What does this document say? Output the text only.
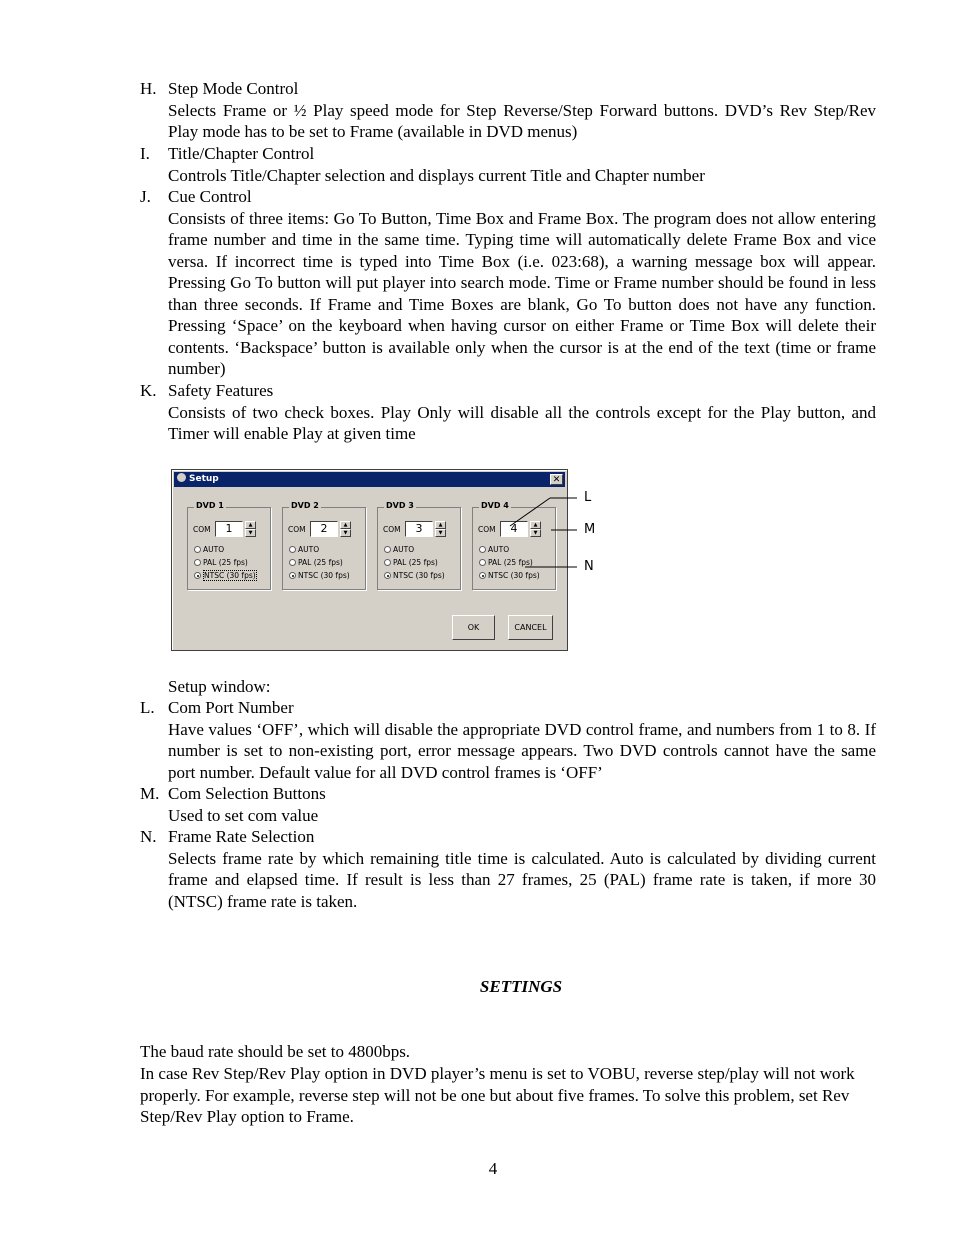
H. Step Mode Control
Selects Frame or ½ Play speed mode for Step Reverse/Step Forward buttons. DVD’s Rev Step/Rev Play mode has to be set to Frame (available in DVD menus)
I.	Title/Chapter Control
Controls Title/Chapter selection and displays current Title and Chapter number
J.	Cue Control
Consists of three items: Go To Button, Time Box and Frame Box. The program does not allow entering frame number and time in the same time. Typing time will automatically delete Frame Box and vice versa. If incorrect time is typed into Time Box (i.e. 023:68), a warning message box will appear. Pressing Go To button will put player into search mode. Time or Frame number should be found in less than three seconds. If Frame and Time Boxes are blank, Go To button does not have any function. Pressing ‘Space’ on the keyboard when having cursor on either Frame or Time Box will delete their contents. ‘Backspace’ button is available only when the cursor is at the end of the text (time or frame number)
K. Safety Features
Consists of two check boxes. Play Only will disable all the controls except for the Play button, and Timer will enable Play at given time
Setup	✕
DVD 1
COM	1	▲
▼
AUTO
PAL (25 fps)
NTSC (30 fps)
DVD 2
COM	2	▲
▼
AUTO
PAL (25 fps)
NTSC (30 fps)
DVD 3
COM	3	▲
▼
AUTO
PAL (25 fps)
NTSC (30 fps)
DVD 4
COM	4	▲
▼
AUTO
PAL (25 fps)
NTSC (30 fps)
OK	CANCEL
L
M
N
Setup window:
L. Com Port Number
Have values ‘OFF’, which will disable the appropriate DVD control frame, and numbers from 1 to 8. If number is set to non-existing port, error message appears. Two DVD controls cannot have the same port number. Default value for all DVD control frames is ‘OFF’
M. Com Selection Buttons
Used to set com value
N. Frame Rate Selection
Selects frame rate by which remaining title time is calculated. Auto is calculated by dividing current frame and elapsed time. If result is less than 27 frames, 25 (PAL) frame rate is taken, if more 30 (NTSC) frame rate is taken.
SETTINGS
The baud rate should be set to 4800bps.
In case Rev Step/Rev Play option in DVD player’s menu is set to VOBU, reverse step/play will not work properly. For example, reverse step will not be one but about five frames. To solve this problem, set Rev Step/Rev Play option to Frame.
4
